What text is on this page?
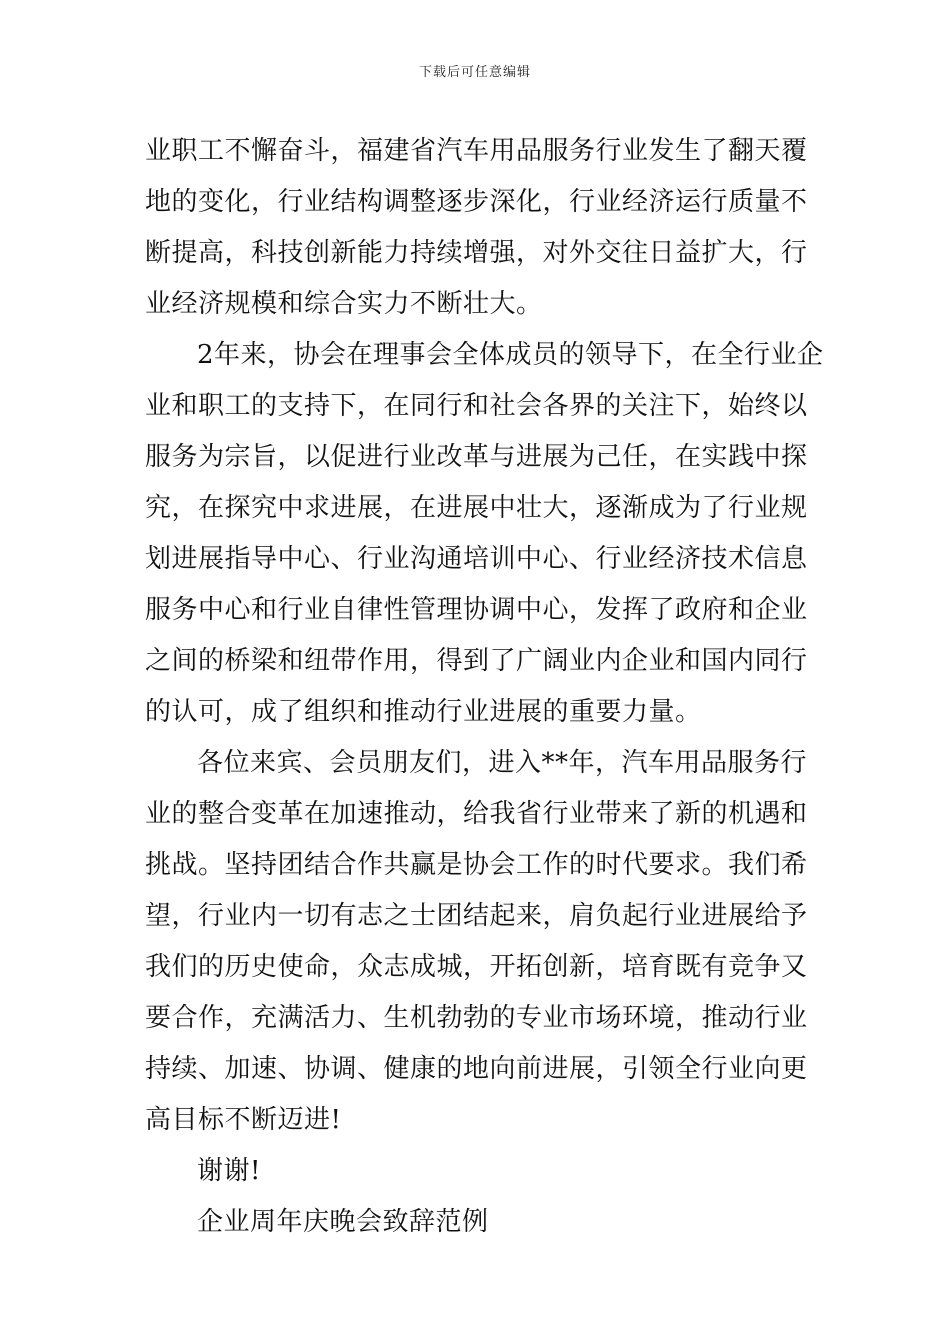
下载后可任意编辑
业职工不懈奋斗，福建省汽车用品服务行业发生了翻天覆
地的变化，行业结构调整逐步深化，行业经济运行质量不
断提高，科技创新能力持续增强，对外交往日益扩大，行
业经济规模和综合实力不断壮大。
2年来，协会在理事会全体成员的领导下，在全行业企
业和职工的支持下，在同行和社会各界的关注下，始终以
服务为宗旨，以促进行业改革与进展为己任，在实践中探
究，在探究中求进展，在进展中壮大，逐渐成为了行业规
划进展指导中心、行业沟通培训中心、行业经济技术信息
服务中心和行业自律性管理协调中心，发挥了政府和企业
之间的桥梁和纽带作用，得到了广阔业内企业和国内同行
的认可，成了组织和推动行业进展的重要力量。
各位来宾、会员朋友们，进入**年，汽车用品服务行
业的整合变革在加速推动，给我省行业带来了新的机遇和
挑战。坚持团结合作共赢是协会工作的时代要求。我们希
望，行业内一切有志之士团结起来，肩负起行业进展给予
我们的历史使命，众志成城，开拓创新，培育既有竞争又
要合作，充满活力、生机勃勃的专业市场环境，推动行业
持续、加速、协调、健康的地向前进展，引领全行业向更
高目标不断迈进!
谢谢!
企业周年庆晚会致辞范例
